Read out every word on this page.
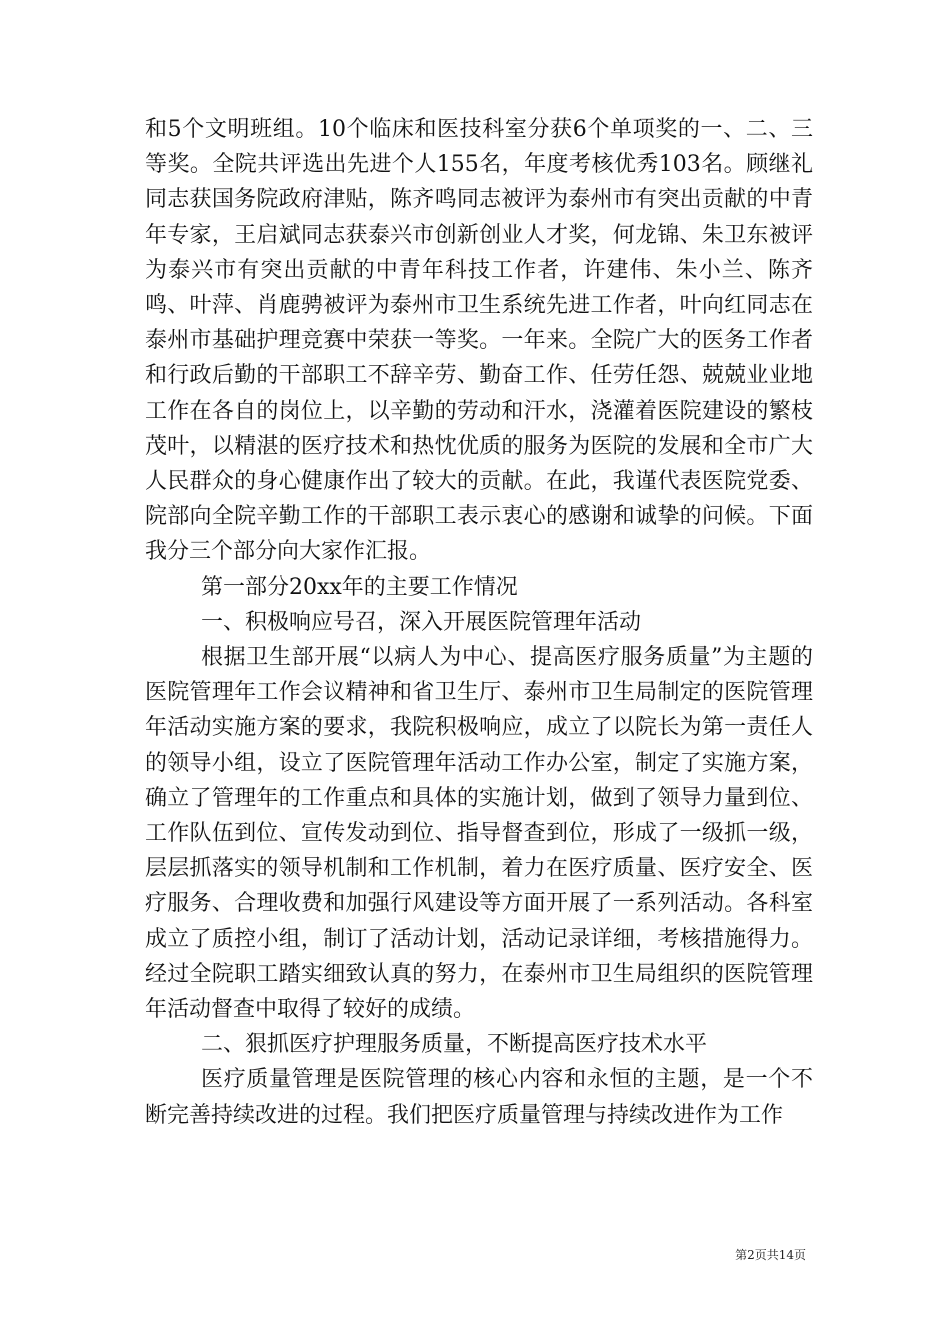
和5个文明班组。10个临床和医技科室分获6个单项奖的一、二、三等奖。全院共评选出先进个人155名，年度考核优秀103名。顾继礼同志获国务院政府津贴，陈齐鸣同志被评为泰州市有突出贡献的中青年专家，王启斌同志获泰兴市创新创业人才奖，何龙锦、朱卫东被评为泰兴市有突出贡献的中青年科技工作者，许建伟、朱小兰、陈齐鸣、叶萍、肖鹿骋被评为泰州市卫生系统先进工作者，叶向红同志在泰州市基础护理竞赛中荣获一等奖。一年来。全院广大的医务工作者和行政后勤的干部职工不辞辛劳、勤奋工作、任劳任怨、兢兢业业地工作在各自的岗位上，以辛勤的劳动和汗水，浇灌着医院建设的繁枝茂叶，以精湛的医疗技术和热忱优质的服务为医院的发展和全市广大人民群众的身心健康作出了较大的贡献。在此，我谨代表医院党委、院部向全院辛勤工作的干部职工表示衷心的感谢和诚挚的问候。下面我分三个部分向大家作汇报。

第一部分20xx年的主要工作情况

一、积极响应号召，深入开展医院管理年活动

根据卫生部开展“以病人为中心、提高医疗服务质量”为主题的医院管理年工作会议精神和省卫生厅、泰州市卫生局制定的医院管理年活动实施方案的要求，我院积极响应，成立了以院长为第一责任人的领导小组，设立了医院管理年活动工作办公室，制定了实施方案，确立了管理年的工作重点和具体的实施计划，做到了领导力量到位、工作队伍到位、宣传发动到位、指导督查到位，形成了一级抓一级，层层抓落实的领导机制和工作机制，着力在医疗质量、医疗安全、医疗服务、合理收费和加强行风建设等方面开展了一系列活动。各科室成立了质控小组，制订了活动计划，活动记录详细，考核措施得力。经过全院职工踏实细致认真的努力，在泰州市卫生局组织的医院管理年活动督查中取得了较好的成绩。

二、狠抓医疗护理服务质量，不断提高医疗技术水平

医疗质量管理是医院管理的核心内容和永恒的主题，是一个不断完善持续改进的过程。我们把医疗质量管理与持续改进作为工作

第2页共14页
